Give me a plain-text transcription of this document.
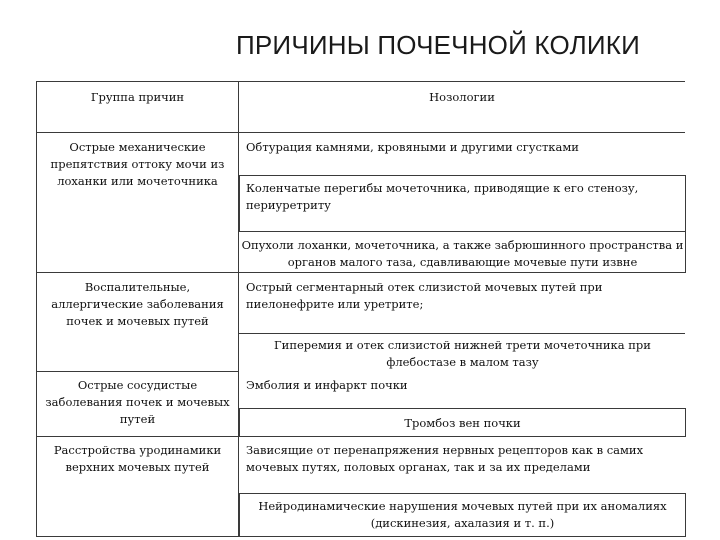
ПРИЧИНЫ ПОЧЕЧНОЙ КОЛИКИ
Группа причин	Нозологии
Острые механические препятствия оттоку мочи из лоханки или мочеточника
Обтурация камнями, кровяными и другими сгустками
Коленчатые перегибы мочеточника, приводящие к его стенозу, периуретриту
Опухоли лоханки, мочеточника, а также забрюшинного пространства и органов малого таза, сдавливающие мочевые пути извне
Воспалительные, аллергические заболевания почек и мочевых путей
Острый сегментарный отек слизистой мочевых путей при пиелонефрите или уретрите;
Гиперемия и отек слизистой нижней трети мочеточника при флебостазе в малом тазу
Острые сосудистые заболевания почек и мочевых путей
Эмболия и инфаркт почки
Тромбоз вен почки
Расстройства уродинамики верхних мочевых путей
Зависящие от перенапряжения нервных рецепторов как в самих мочевых путях, половых органах, так и за их пределами
Нейродинамические нарушения мочевых путей при их аномалиях (дискинезия, ахалазия и т. п.)
